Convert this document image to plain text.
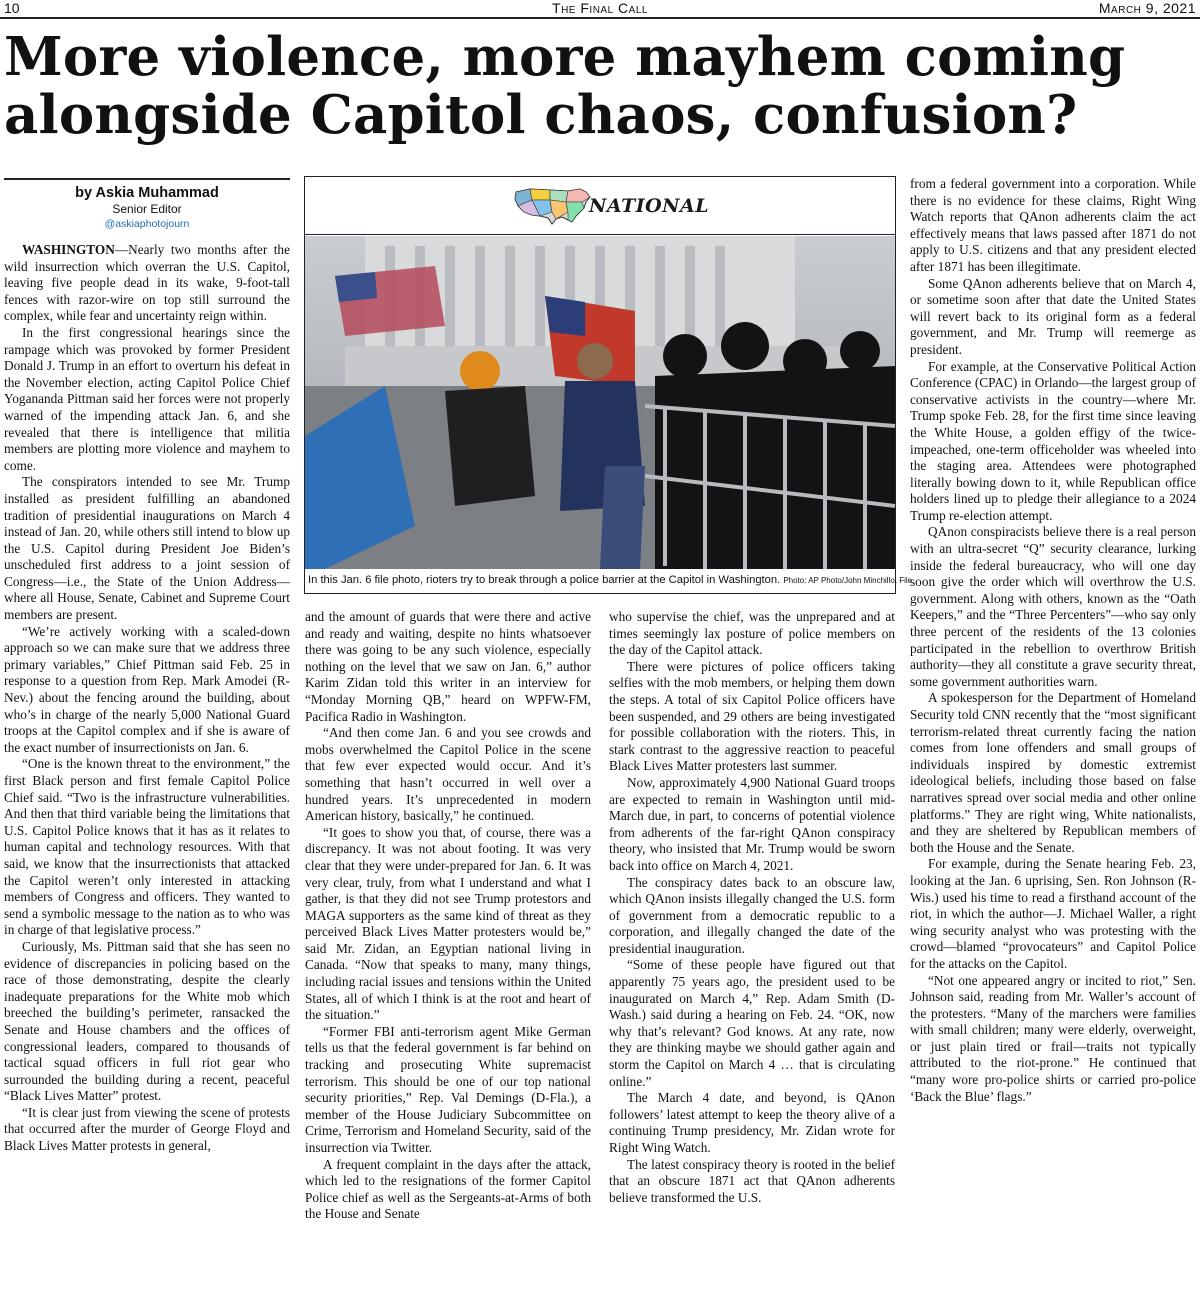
10	The Final Call	March 9, 2021
More violence, more mayhem coming
alongside Capitol chaos, confusion?
by Askia Muhammad
Senior Editor
@askiaphotojourn

WASHINGTON—Nearly two months after the wild insurrection which overran the U.S. Capitol, leaving five people dead in its wake, 9-foot-tall fences with razor-wire on top still surround the complex, while fear and uncertainty reign within.

In the first congressional hearings since the rampage which was provoked by former President Donald J. Trump in an effort to overturn his defeat in the November election, acting Capitol Police Chief Yogananda Pittman said her forces were not properly warned of the impending attack Jan. 6, and she revealed that there is intelligence that militia members are plotting more violence and mayhem to come.

The conspirators intended to see Mr. Trump installed as president fulfilling an abandoned tradition of presidential inaugurations on March 4 instead of Jan. 20, while others still intend to blow up the U.S. Capitol during President Joe Biden’s unscheduled first address to a joint session of Congress—i.e., the State of the Union Address—where all House, Senate, Cabinet and Supreme Court members are present.

“We’re actively working with a scaled-down approach so we can make sure that we address three primary variables,” Chief Pittman said Feb. 25 in response to a question from Rep. Mark Amodei (R-Nev.) about the fencing around the building, about who’s in charge of the nearly 5,000 National Guard troops at the Capitol complex and if she is aware of the exact number of insurrectionists on Jan. 6.

“One is the known threat to the environment,” the first Black person and first female Capitol Police Chief said. “Two is the infrastructure vulnerabilities. And then that third variable being the limitations that U.S. Capitol Police knows that it has as it relates to human capital and technology resources. With that said, we know that the insurrectionists that attacked the Capitol weren’t only interested in attacking members of Congress and officers. They wanted to send a symbolic message to the nation as to who was in charge of that legislative process.”

Curiously, Ms. Pittman said that she has seen no evidence of discrepancies in policing based on the race of those demonstrating, despite the clearly inadequate preparations for the White mob which breeched the building’s perimeter, ransacked the Senate and House chambers and the offices of congressional leaders, compared to thousands of tactical squad officers in full riot gear who surrounded the building during a recent, peaceful “Black Lives Matter” protest.

“It is clear just from viewing the scene of protests that occurred after the murder of George Floyd and Black Lives Matter protests in general,

NATIONAL
In this Jan. 6 file photo, rioters try to break through a police barrier at the Capitol in Washington. Photo: AP Photo/John Minchillo, File

and the amount of guards that were there and active and ready and waiting, despite no hints whatsoever there was going to be any such violence, especially nothing on the level that we saw on Jan. 6,” author Karim Zidan told this writer in an interview for “Monday Morning QB,” heard on WPFW-FM, Pacifica Radio in Washington.

“And then come Jan. 6 and you see crowds and mobs overwhelmed the Capitol Police in the scene that few ever expected would occur. And it’s something that hasn’t occurred in well over a hundred years. It’s unprecedented in modern American history, basically,” he continued.

“It goes to show you that, of course, there was a discrepancy. It was not about footing. It was very clear that they were under-prepared for Jan. 6. It was very clear, truly, from what I understand and what I gather, is that they did not see Trump protestors and MAGA supporters as the same kind of threat as they perceived Black Lives Matter protesters would be,” said Mr. Zidan, an Egyptian national living in Canada. “Now that speaks to many, many things, including racial issues and tensions within the United States, all of which I think is at the root and heart of the situation.”

“Former FBI anti-terrorism agent Mike German tells us that the federal government is far behind on tracking and prosecuting White supremacist terrorism. This should be one of our top national security priorities,” Rep. Val Demings (D-Fla.), a member of the House Judiciary Subcommittee on Crime, Terrorism and Homeland Security, said of the insurrection via Twitter.

A frequent complaint in the days after the attack, which led to the resignations of the former Capitol Police chief as well as the Sergeants-at-Arms of both the House and Senate

who supervise the chief, was the unprepared and at times seemingly lax posture of police members on the day of the Capitol attack.

There were pictures of police officers taking selfies with the mob members, or helping them down the steps. A total of six Capitol Police officers have been suspended, and 29 others are being investigated for possible collaboration with the rioters. This, in stark contrast to the aggressive reaction to peaceful Black Lives Matter protesters last summer.

Now, approximately 4,900 National Guard troops are expected to remain in Washington until mid-March due, in part, to concerns of potential violence from adherents of the far-right QAnon conspiracy theory, who insisted that Mr. Trump would be sworn back into office on March 4, 2021.

The conspiracy dates back to an obscure law, which QAnon insists illegally changed the U.S. form of government from a democratic republic to a corporation, and illegally changed the date of the presidential inauguration.

“Some of these people have figured out that apparently 75 years ago, the president used to be inaugurated on March 4,” Rep. Adam Smith (D-Wash.) said during a hearing on Feb. 24. “OK, now why that’s relevant? God knows. At any rate, now they are thinking maybe we should gather again and storm the Capitol on March 4 … that is circulating online.”

The March 4 date, and beyond, is QAnon followers’ latest attempt to keep the theory alive of a continuing Trump presidency, Mr. Zidan wrote for Right Wing Watch.

The latest conspiracy theory is rooted in the belief that an obscure 1871 act that QAnon adherents believe transformed the U.S.

from a federal government into a corporation. While there is no evidence for these claims, Right Wing Watch reports that QAnon adherents claim the act effectively means that laws passed after 1871 do not apply to U.S. citizens and that any president elected after 1871 has been illegitimate.

Some QAnon adherents believe that on March 4, or sometime soon after that date the United States will revert back to its original form as a federal government, and Mr. Trump will reemerge as president.

For example, at the Conservative Political Action Conference (CPAC) in Orlando—the largest group of conservative activists in the country—where Mr. Trump spoke Feb. 28, for the first time since leaving the White House, a golden effigy of the twice-impeached, one-term officeholder was wheeled into the staging area. Attendees were photographed literally bowing down to it, while Republican office holders lined up to pledge their allegiance to a 2024 Trump re-election attempt.

QAnon conspiracists believe there is a real person with an ultra-secret “Q” security clearance, lurking inside the federal bureaucracy, who will one day soon give the order which will overthrow the U.S. government. Along with others, known as the “Oath Keepers,” and the “Three Percenters”—who say only three percent of the residents of the 13 colonies participated in the rebellion to overthrow British authority—they all constitute a grave security threat, some government authorities warn.

A spokesperson for the Department of Homeland Security told CNN recently that the “most significant terrorism-related threat currently facing the nation comes from lone offenders and small groups of individuals inspired by domestic extremist ideological beliefs, including those based on false narratives spread over social media and other online platforms.” They are right wing, White nationalists, and they are sheltered by Republican members of both the House and the Senate.

For example, during the Senate hearing Feb. 23, looking at the Jan. 6 uprising, Sen. Ron Johnson (R-Wis.) used his time to read a firsthand account of the riot, in which the author—J. Michael Waller, a right wing security analyst who was protesting with the crowd—blamed “provocateurs” and Capitol Police for the attacks on the Capitol.

“Not one appeared angry or incited to riot,” Sen. Johnson said, reading from Mr. Waller’s account of the protesters. “Many of the marchers were families with small children; many were elderly, overweight, or just plain tired or frail—traits not typically attributed to the riot-prone.” He continued that “many wore pro-police shirts or carried pro-police ‘Back the Blue’ flags.”
